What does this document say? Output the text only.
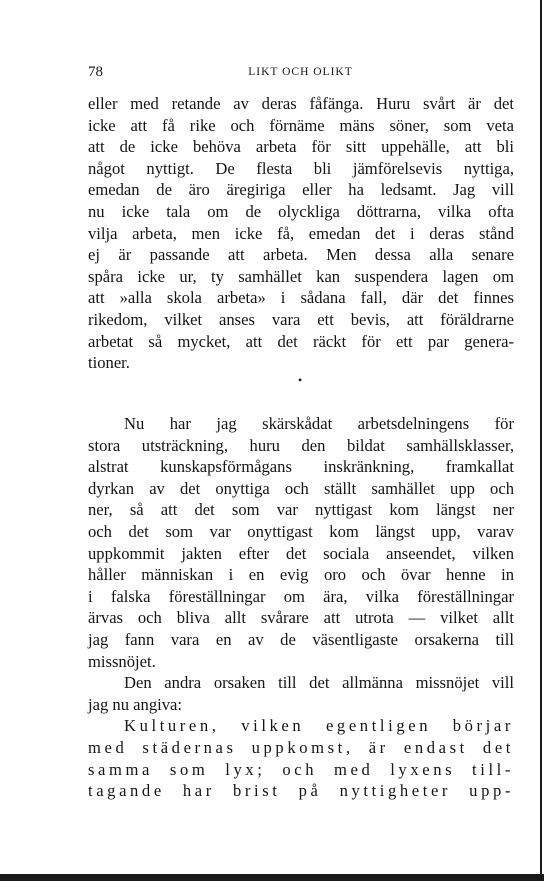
78	LIKT OCH OLIKT
eller med retande av deras fåfänga. Huru svårt är det
icke att få rike och förnäme mäns söner, som veta
att de icke behöva arbeta för sitt uppehälle, att bli
något nyttigt. De flesta bli jämförelsevis nyttiga,
emedan de äro äregiriga eller ha ledsamt. Jag vill
nu icke tala om de olyckliga döttrarna, vilka ofta
vilja arbeta, men icke få, emedan det i deras stånd
ej är passande att arbeta. Men dessa alla senare
spåra icke ur, ty samhället kan suspendera lagen om
att »alla skola arbeta» i sådana fall, där det finnes
rikedom, vilket anses vara ett bevis, att föräldrarne
arbetat så mycket, att det räckt för ett par genera-
tioner.
•
Nu har jag skärskådat arbetsdelningens för
stora utsträckning, huru den bildat samhällsklasser,
alstrat kunskapsförmågans inskränkning, framkallat
dyrkan av det onyttiga och ställt samhället upp och
ner, så att det som var nyttigast kom längst ner
och det som var onyttigast kom längst upp, varav
uppkommit jakten efter det sociala anseendet, vilken
håller människan i en evig oro och övar henne in
i falska föreställningar om ära, vilka föreställningar
ärvas och bliva allt svårare att utrota — vilket allt
jag fann vara en av de väsentligaste orsakerna till
missnöjet.
Den andra orsaken till det allmänna missnöjet vill
jag nu angiva:
Kulturen, vilken egentligen börjar
med städernas uppkomst, är endast det
samma som lyx; och med lyxens till-
tagande har brist på nyttigheter upp-
